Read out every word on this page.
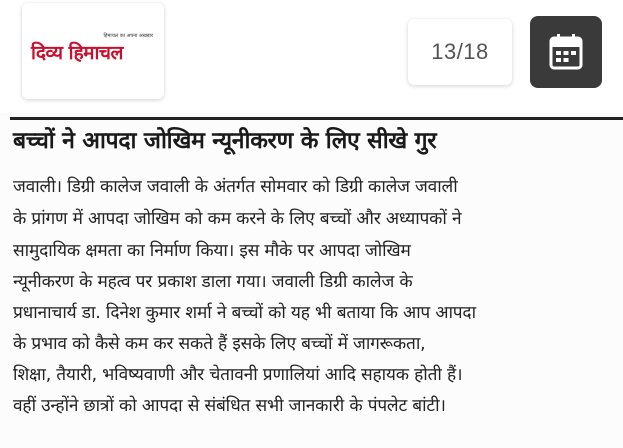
हिमाचल का अपना अखबार
दिव्य हिमाचल	13/18
बच्चों ने आपदा जोखिम न्यूनीकरण के लिए सीखे गुर
जवाली। डिग्री कालेज जवाली के अंतर्गत सोमवार को डिग्री कालेज जवाली
के प्रांगण में आपदा जोखिम को कम करने के लिए बच्चों और अध्यापकों ने
सामुदायिक क्षमता का निर्माण किया। इस मौके पर आपदा जोखिम
न्यूनीकरण के महत्व पर प्रकाश डाला गया। जवाली डिग्री कालेज के
प्रधानाचार्य डा. दिनेश कुमार शर्मा ने बच्चों को यह भी बताया कि आप आपदा
के प्रभाव को कैसे कम कर सकते हैं इसके लिए बच्चों में जागरूकता,
शिक्षा, तैयारी, भविष्यवाणी और चेतावनी प्रणालियां आदि सहायक होती हैं।
वहीं उन्होंने छात्रों को आपदा से संबंधित सभी जानकारी के पंपलेट बांटी।
